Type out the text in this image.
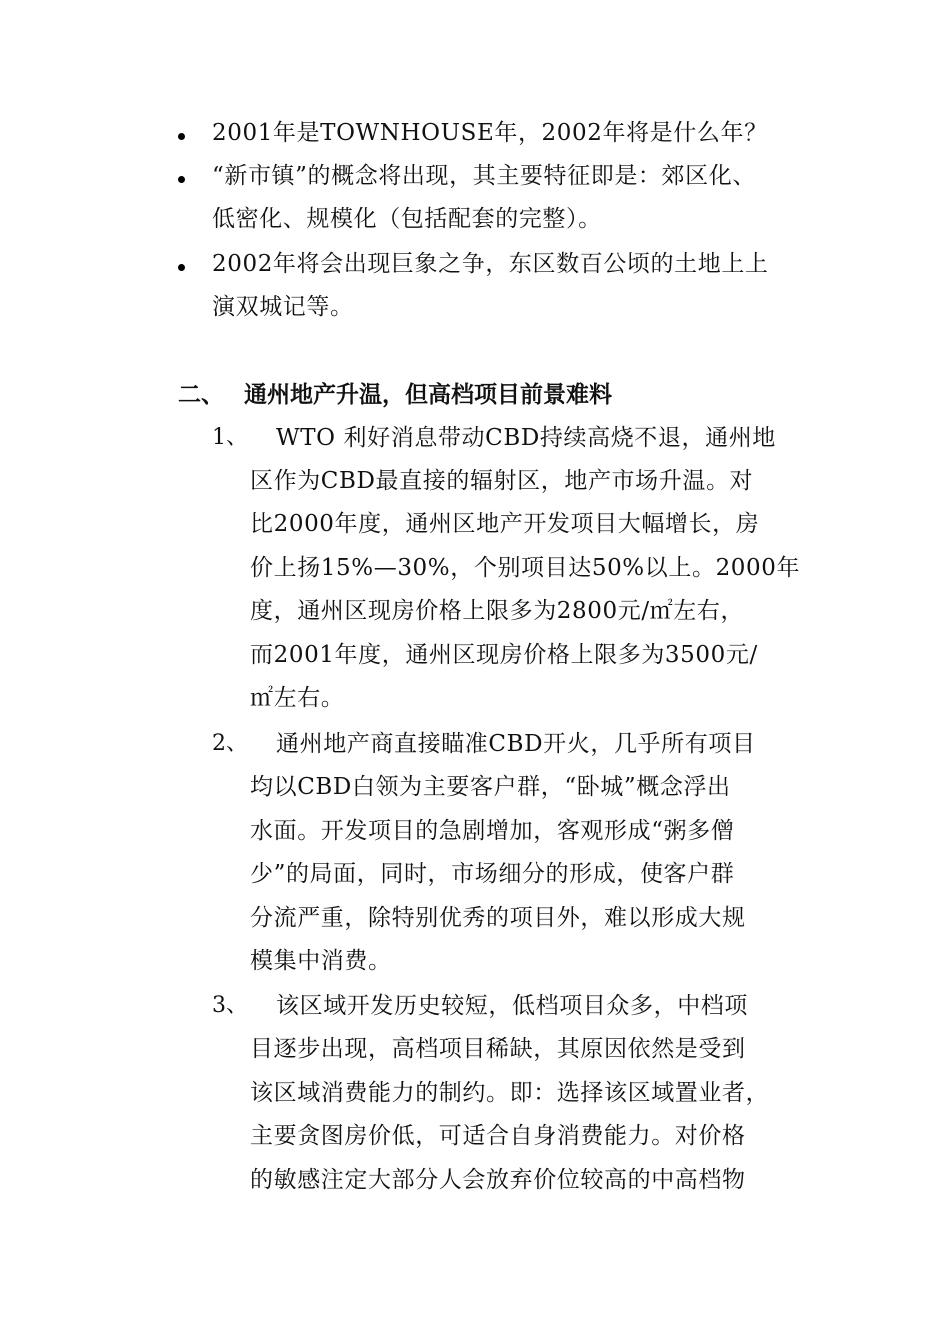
2001年是TOWNHOUSE年，2002年将是什么年？
“新市镇”的概念将出现，其主要特征即是：郊区化、
低密化、规模化（包括配套的完整）。
2002年将会出现巨象之争，东区数百公顷的土地上上
演双城记等。
二、 通州地产升温，但高档项目前景难料
1、 WTO 利好消息带动CBD持续高烧不退，通州地
区作为CBD最直接的辐射区，地产市场升温。对
比2000年度，通州区地产开发项目大幅增长，房
价上扬15%—30%，个别项目达50%以上。2000年
度，通州区现房价格上限多为2800元/㎡左右，
而2001年度，通州区现房价格上限多为3500元/
㎡左右。
2、 通州地产商直接瞄准CBD开火，几乎所有项目
均以CBD白领为主要客户群，“卧城”概念浮出
水面。开发项目的急剧增加，客观形成“粥多僧
少”的局面，同时，市场细分的形成，使客户群
分流严重，除特别优秀的项目外，难以形成大规
模集中消费。
3、 该区域开发历史较短，低档项目众多，中档项
目逐步出现，高档项目稀缺，其原因依然是受到
该区域消费能力的制约。即：选择该区域置业者，
主要贪图房价低，可适合自身消费能力。对价格
的敏感注定大部分人会放弃价位较高的中高档物
